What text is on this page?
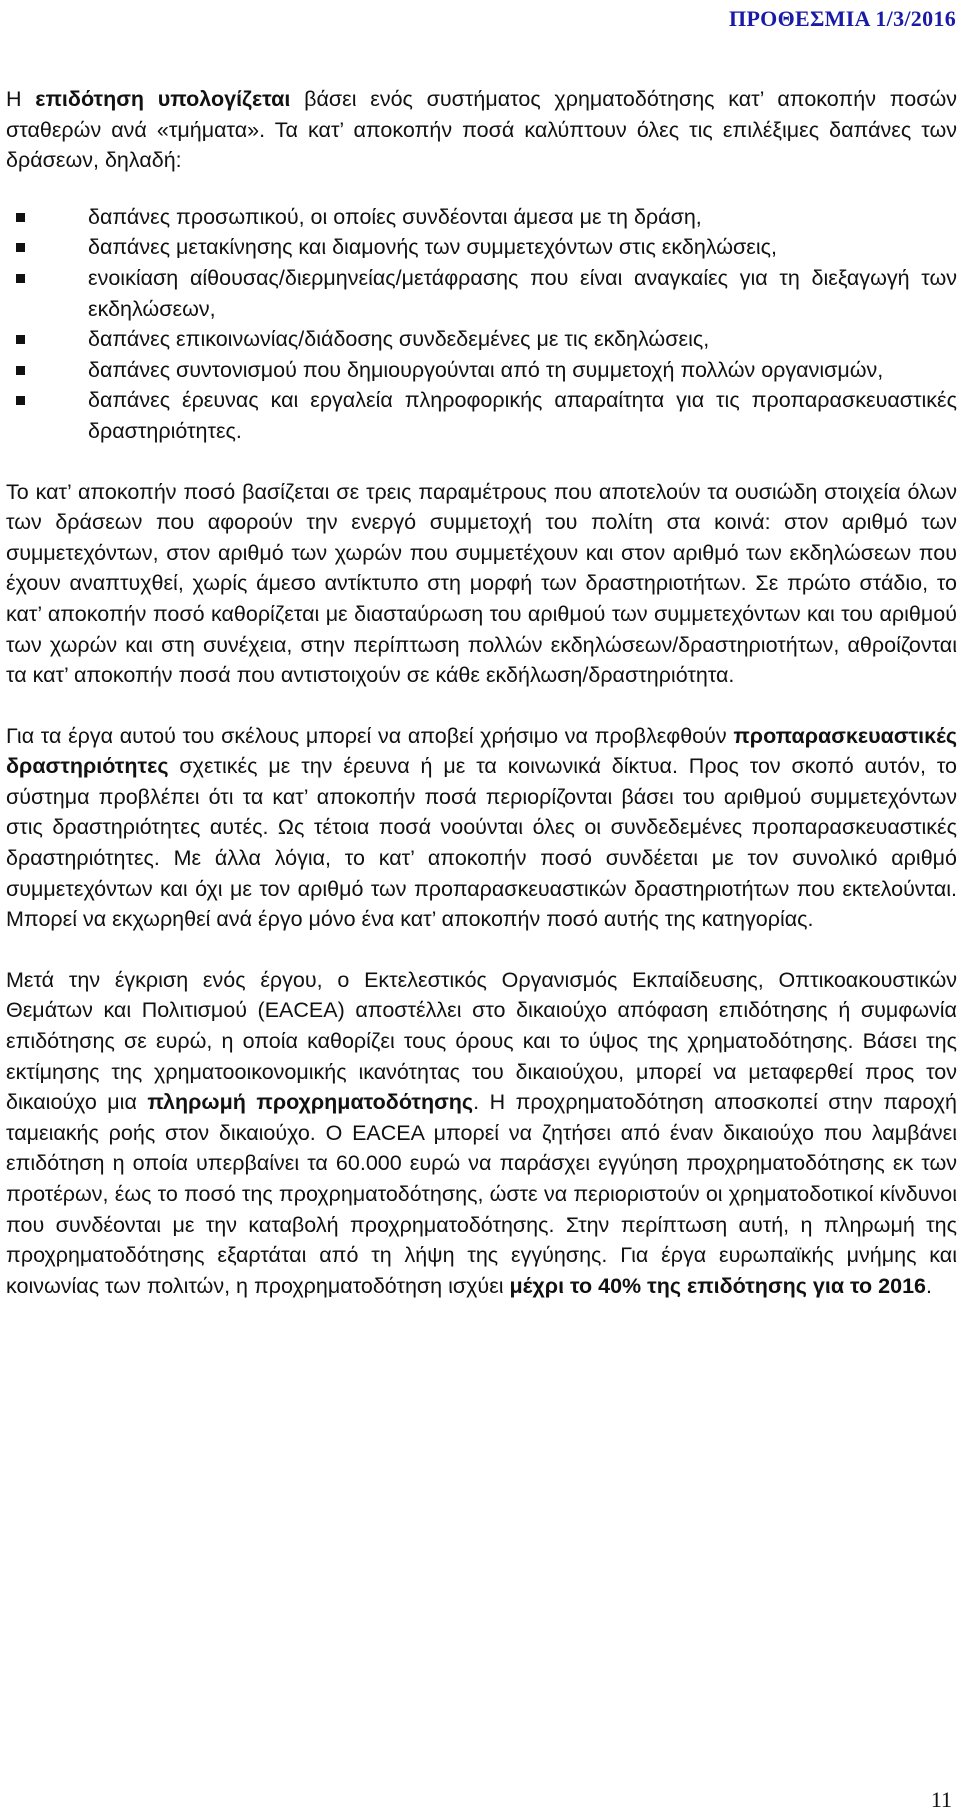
ΠΡΟΘΕΣΜΙΑ 1/3/2016

Η επιδότηση υπολογίζεται βάσει ενός συστήματος χρηματοδότησης κατ’ αποκοπήν ποσών σταθερών ανά «τμήματα». Τα κατ’ αποκοπήν ποσά καλύπτουν όλες τις επιλέξιμες δαπάνες των δράσεων, δηλαδή:

δαπάνες προσωπικού, οι οποίες συνδέονται άμεσα με τη δράση,
δαπάνες μετακίνησης και διαμονής των συμμετεχόντων στις εκδηλώσεις,
ενοικίαση αίθουσας/διερμηνείας/μετάφρασης που είναι αναγκαίες για τη διεξαγωγή των εκδηλώσεων,
δαπάνες επικοινωνίας/διάδοσης συνδεδεμένες με τις εκδηλώσεις,
δαπάνες συντονισμού που δημιουργούνται από τη συμμετοχή πολλών οργανισμών,
δαπάνες έρευνας και εργαλεία πληροφορικής απαραίτητα για τις προπαρασκευαστικές δραστηριότητες.

Το κατ’ αποκοπήν ποσό βασίζεται σε τρεις παραμέτρους που αποτελούν τα ουσιώδη στοιχεία όλων των δράσεων που αφορούν την ενεργό συμμετοχή του πολίτη στα κοινά: στον αριθμό των συμμετεχόντων, στον αριθμό των χωρών που συμμετέχουν και στον αριθμό των εκδηλώσεων που έχουν αναπτυχθεί, χωρίς άμεσο αντίκτυπο στη μορφή των δραστηριοτήτων. Σε πρώτο στάδιο, το κατ’ αποκοπήν ποσό καθορίζεται με διασταύρωση του αριθμού των συμμετεχόντων και του αριθμού των χωρών και στη συνέχεια, στην περίπτωση πολλών εκδηλώσεων/δραστηριοτήτων, αθροίζονται τα κατ’ αποκοπήν ποσά που αντιστοιχούν σε κάθε εκδήλωση/δραστηριότητα.

Για τα έργα αυτού του σκέλους μπορεί να αποβεί χρήσιμο να προβλεφθούν προπαρασκευαστικές δραστηριότητες σχετικές με την έρευνα ή με τα κοινωνικά δίκτυα. Προς τον σκοπό αυτόν, το σύστημα προβλέπει ότι τα κατ’ αποκοπήν ποσά περιορίζονται βάσει του αριθμού συμμετεχόντων στις δραστηριότητες αυτές. Ως τέτοια ποσά νοούνται όλες οι συνδεδεμένες προπαρασκευαστικές δραστηριότητες. Με άλλα λόγια, το κατ’ αποκοπήν ποσό συνδέεται με τον συνολικό αριθμό συμμετεχόντων και όχι με τον αριθμό των προπαρασκευαστικών δραστηριοτήτων που εκτελούνται. Μπορεί να εκχωρηθεί ανά έργο μόνο ένα κατ’ αποκοπήν ποσό αυτής της κατηγορίας.

Μετά την έγκριση ενός έργου, ο Εκτελεστικός Οργανισμός Εκπαίδευσης, Οπτικοακουστικών Θεμάτων και Πολιτισμού (EACEA) αποστέλλει στο δικαιούχο απόφαση επιδότησης ή συμφωνία επιδότησης σε ευρώ, η οποία καθορίζει τους όρους και το ύψος της χρηματοδότησης. Βάσει της εκτίμησης της χρηματοοικονομικής ικανότητας του δικαιούχου, μπορεί να μεταφερθεί προς τον δικαιούχο μια πληρωμή προχρηματοδότησης. Η προχρηματοδότηση αποσκοπεί στην παροχή ταμειακής ροής στον δικαιούχο. Ο EACEA μπορεί να ζητήσει από έναν δικαιούχο που λαμβάνει επιδότηση η οποία υπερβαίνει τα 60.000 ευρώ να παράσχει εγγύηση προχρηματοδότησης εκ των προτέρων, έως το ποσό της προχρηματοδότησης, ώστε να περιοριστούν οι χρηματοδοτικοί κίνδυνοι που συνδέονται με την καταβολή προχρηματοδότησης. Στην περίπτωση αυτή, η πληρωμή της προχρηματοδότησης εξαρτάται από τη λήψη της εγγύησης. Για έργα ευρωπαϊκής μνήμης και κοινωνίας των πολιτών, η προχρηματοδότηση ισχύει μέχρι το 40% της επιδότησης για το 2016.

11
